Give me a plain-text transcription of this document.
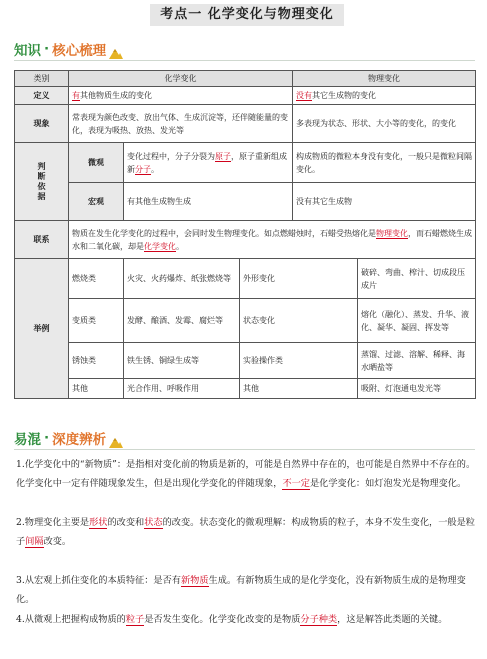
考点一 化学变化与物理变化
知识 · 核心梳理
类别	化学变化			物理变化	
定义	有其他物质生成的变化			没有其它生成物的变化	
现象	常表现为颜色改变、放出气体、生成沉淀等，还伴随能量的变化，表现为吸热、放热、发光等			多表现为状态、形状、大小等的变化，的变化	

判断依据	微观	变化过程中，分子分裂为原子，原子重新组成新分子。		构成物质的微粒本身没有变化，一般只是微粒间隔变化。	
	宏观	有其他生成物生成		没有其它生成物	
联系	物质在发生化学变化的过程中，会同时发生物理变化。如点燃蜡烛时，石蜡受热熔化是物理变化，而石蜡燃烧生成水和二氧化碳，却是化学变化。				
举例	燃烧类	火灾、火药爆炸、纸张燃烧等	外形变化		破碎、弯曲、榨汁、切成段压成片
	变质类	发酵、酿酒、发霉、腐烂等	状态变化		熔化（融化）、蒸发、升华、液化、凝华、凝固、挥发等
	锈蚀类	铁生锈、铜绿生成等	实验操作类		蒸馏、过滤、溶解、稀释、海水晒盐等
	其他	光合作用、呼吸作用	其他		吸附、灯泡通电发光等
易混 · 深度辨析
1.化学变化中的“新物质”：是指相对变化前的物质是新的，可能是自然界中存在的，也可能是自然界中不存在的。化学变化中一定有伴随现象发生，但是出现化学变化的伴随现象，不一定是化学变化：如灯泡发光是物理变化。
2.物理变化主要是形状的改变和状态的改变。状态变化的微观理解：构成物质的粒子，本身不发生变化，一般是粒子间隔改变。
3.从宏观上抓住变化的本质特征：是否有新物质生成。有新物质生成的是化学变化，没有新物质生成的是物理变化。
4.从微观上把握构成物质的粒子是否发生变化。化学变化改变的是物质分子种类，这是解答此类题的关键。
